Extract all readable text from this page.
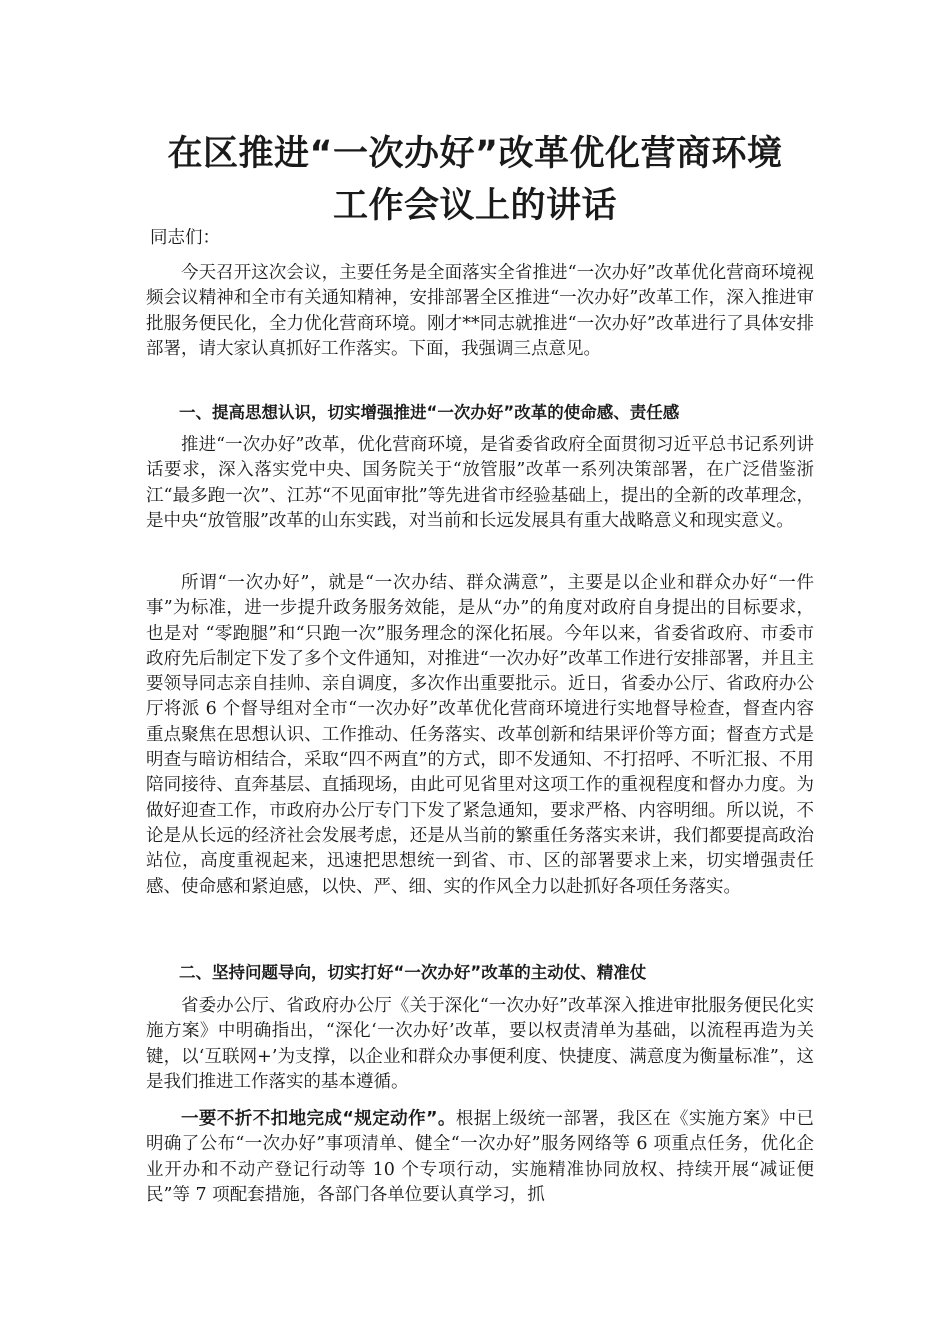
在区推进“一次办好”改革优化营商环境
工作会议上的讲话
同志们：

今天召开这次会议，主要任务是全面落实全省推进“一次办好”改革优化营商环境视频会议精神和全市有关通知精神，安排部署全区推进“一次办好”改革工作，深入推进审批服务便民化，全力优化营商环境。刚才**同志就推进“一次办好”改革进行了具体安排部署，请大家认真抓好工作落实。下面，我强调三点意见。

一、提高思想认识，切实增强推进“一次办好”改革的使命感、责任感

推进“一次办好”改革，优化营商环境，是省委省政府全面贯彻习近平总书记系列讲话要求，深入落实党中央、国务院关于“放管服”改革一系列决策部署，在广泛借鉴浙江“最多跑一次”、江苏“不见面审批”等先进省市经验基础上，提出的全新的改革理念，是中央“放管服”改革的山东实践，对当前和长远发展具有重大战略意义和现实意义。

所谓“一次办好”，就是“一次办结、群众满意”，主要是以企业和群众办好“一件事”为标准，进一步提升政务服务效能，是从“办”的角度对政府自身提出的目标要求，也是对 “零跑腿”和“只跑一次”服务理念的深化拓展。今年以来，省委省政府、市委市政府先后制定下发了多个文件通知，对推进“一次办好”改革工作进行安排部署，并且主要领导同志亲自挂帅、亲自调度，多次作出重要批示。近日，省委办公厅、省政府办公厅将派 6 个督导组对全市“一次办好”改革优化营商环境进行实地督导检查，督查内容重点聚焦在思想认识、工作推动、任务落实、改革创新和结果评价等方面；督查方式是明查与暗访相结合，采取“四不两直”的方式，即不发通知、不打招呼、不听汇报、不用陪同接待、直奔基层、直插现场，由此可见省里对这项工作的重视程度和督办力度。为做好迎查工作，市政府办公厅专门下发了紧急通知，要求严格、内容明细。所以说，不论是从长远的经济社会发展考虑，还是从当前的繁重任务落实来讲，我们都要提高政治站位，高度重视起来，迅速把思想统一到省、市、区的部署要求上来，切实增强责任感、使命感和紧迫感，以快、严、细、实的作风全力以赴抓好各项任务落实。

二、坚持问题导向，切实打好“一次办好”改革的主动仗、精准仗

省委办公厅、省政府办公厅《关于深化“一次办好”改革深入推进审批服务便民化实施方案》中明确指出，“深化‘一次办好’改革，要以权责清单为基础，以流程再造为关键，以‘互联网+’为支撑，以企业和群众办事便利度、快捷度、满意度为衡量标准”，这是我们推进工作落实的基本遵循。

一要不折不扣地完成“规定动作”。根据上级统一部署，我区在《实施方案》中已明确了公布“一次办好”事项清单、健全“一次办好”服务网络等 6 项重点任务，优化企业开办和不动产登记行动等 10 个专项行动，实施精准协同放权、持续开展“减证便民”等 7 项配套措施，各部门各单位要认真学习，抓
